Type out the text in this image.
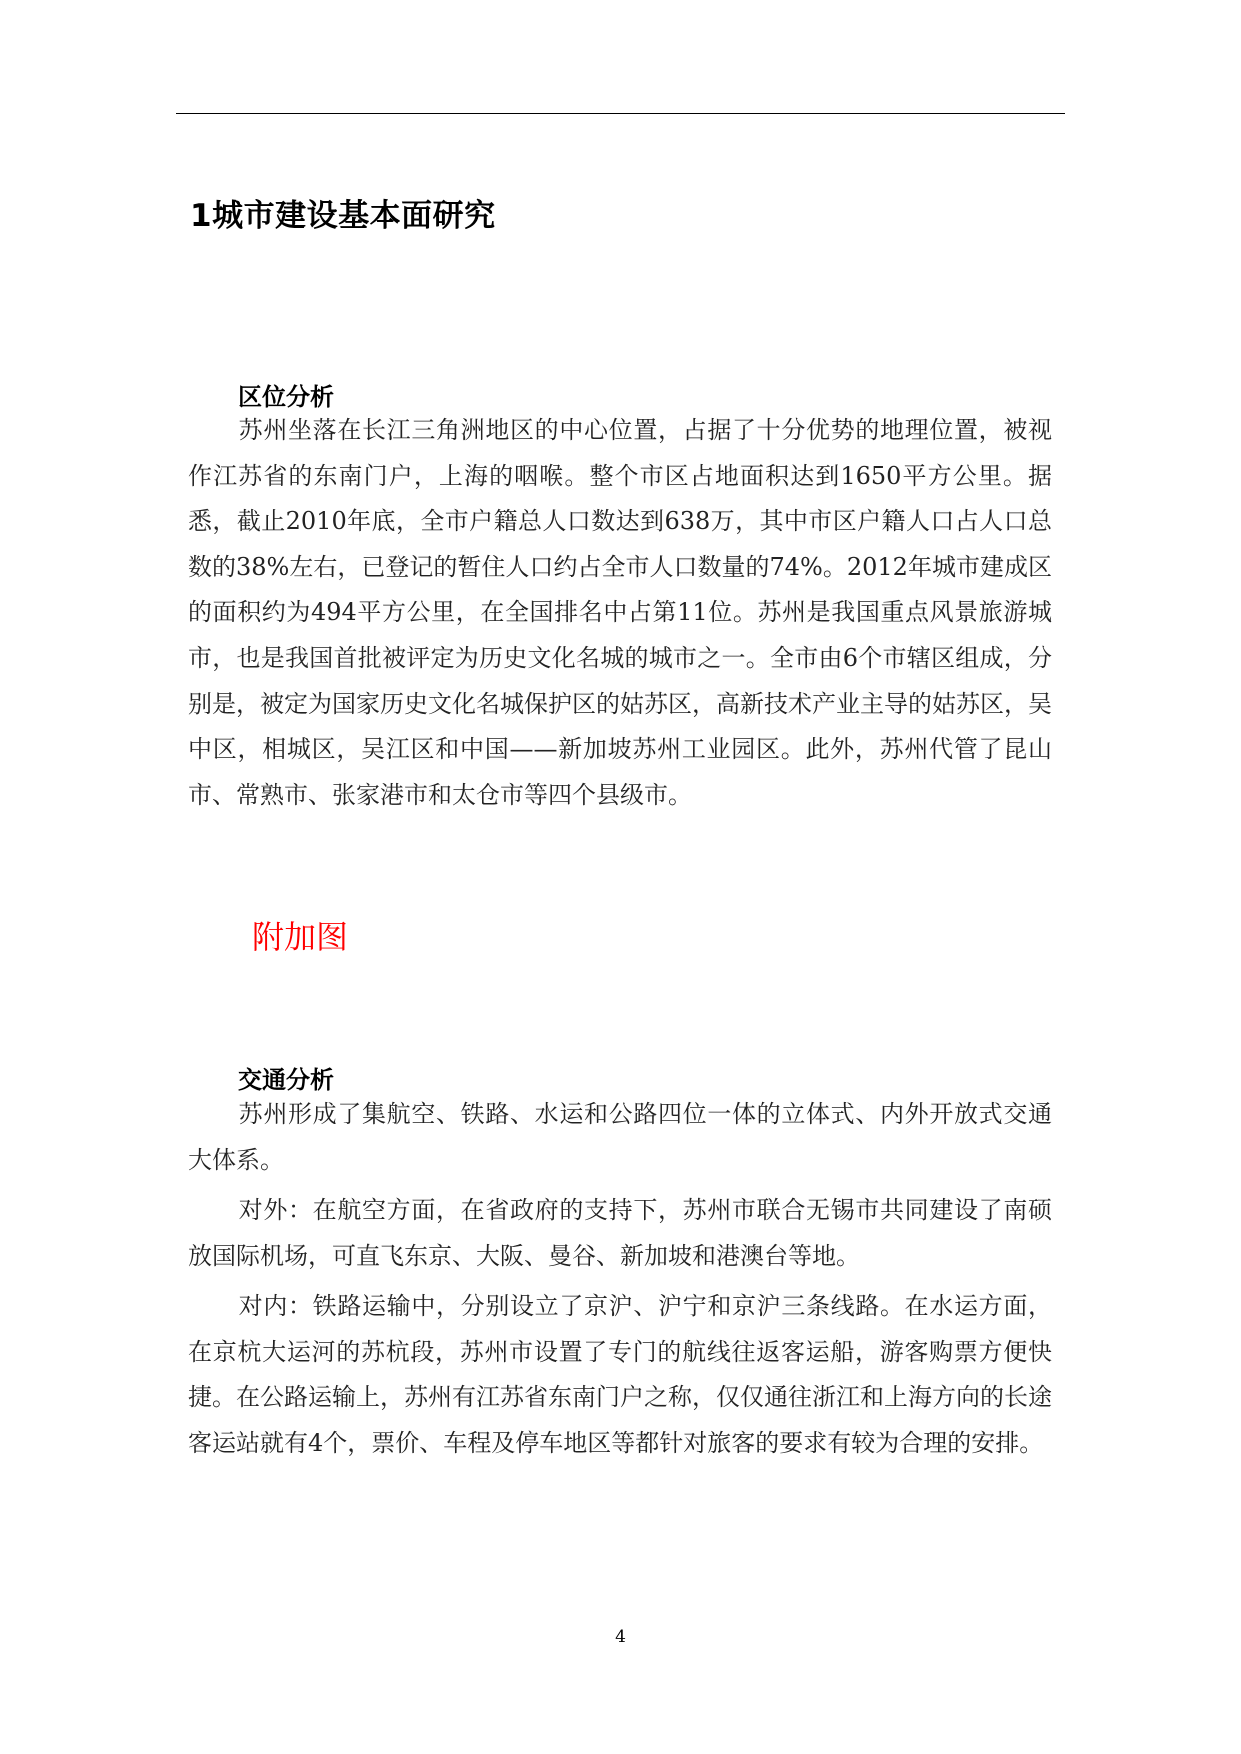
1城市建设基本面研究
区位分析

苏州坐落在长江三角洲地区的中心位置，占据了十分优势的地理位置，被视作江苏省的东南门户，上海的咽喉。整个市区占地面积达到1650平方公里。据悉，截止2010年底，全市户籍总人口数达到638万，其中市区户籍人口占人口总数的38%左右，已登记的暂住人口约占全市人口数量的74%。2012年城市建成区的面积约为494平方公里，在全国排名中占第11位。苏州是我国重点风景旅游城市，也是我国首批被评定为历史文化名城的城市之一。全市由6个市辖区组成，分别是，被定为国家历史文化名城保护区的姑苏区，高新技术产业主导的姑苏区，吴中区，相城区，吴江区和中国——新加坡苏州工业园区。此外，苏州代管了昆山市、常熟市、张家港市和太仓市等四个县级市。

附加图
交通分析

苏州形成了集航空、铁路、水运和公路四位一体的立体式、内外开放式交通大体系。

对外：在航空方面，在省政府的支持下，苏州市联合无锡市共同建设了南硕放国际机场，可直飞东京、大阪、曼谷、新加坡和港澳台等地。

对内：铁路运输中，分别设立了京沪、沪宁和京沪三条线路。在水运方面，在京杭大运河的苏杭段，苏州市设置了专门的航线往返客运船，游客购票方便快捷。在公路运输上，苏州有江苏省东南门户之称，仅仅通往浙江和上海方向的长途客运站就有4个，票价、车程及停车地区等都针对旅客的要求有较为合理的安排。

4
